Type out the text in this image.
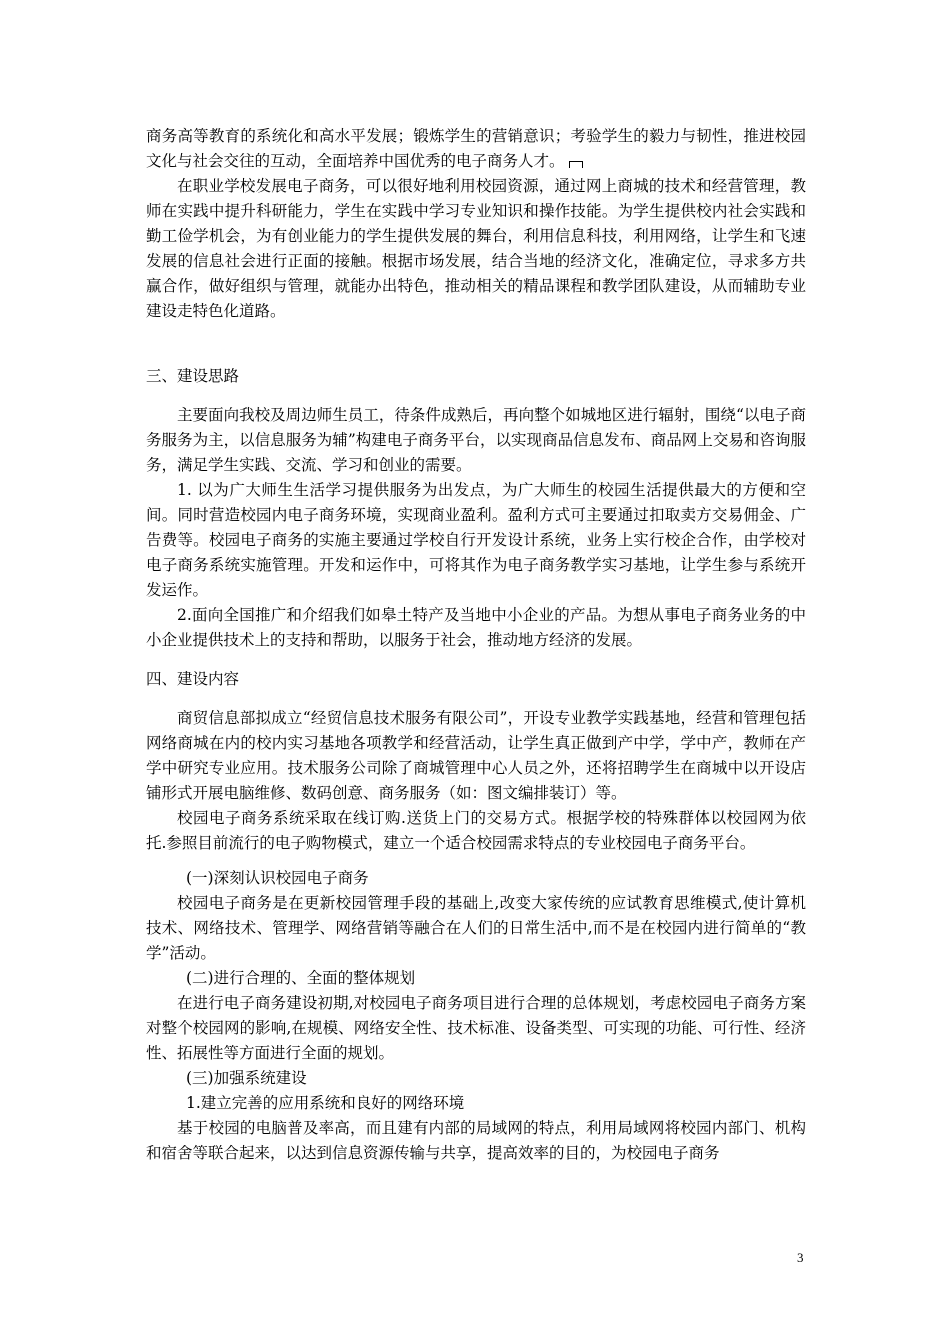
商务高等教育的系统化和高水平发展；锻炼学生的营销意识；考验学生的毅力与韧性，推进校园文化与社会交往的互动，全面培养中国优秀的电子商务人才。

在职业学校发展电子商务，可以很好地利用校园资源，通过网上商城的技术和经营管理，教师在实践中提升科研能力，学生在实践中学习专业知识和操作技能。为学生提供校内社会实践和勤工俭学机会，为有创业能力的学生提供发展的舞台，利用信息科技，利用网络，让学生和飞速发展的信息社会进行正面的接触。根据市场发展，结合当地的经济文化，准确定位，寻求多方共赢合作，做好组织与管理，就能办出特色，推动相关的精品课程和教学团队建设，从而辅助专业建设走特色化道路。

三、建设思路

主要面向我校及周边师生员工，待条件成熟后，再向整个如城地区进行辐射，围绕“以电子商务服务为主，以信息服务为辅”构建电子商务平台，以实现商品信息发布、商品网上交易和咨询服务，满足学生实践、交流、学习和创业的需要。

1. 以为广大师生生活学习提供服务为出发点，为广大师生的校园生活提供最大的方便和空间。同时营造校园内电子商务环境，实现商业盈利。盈利方式可主要通过扣取卖方交易佣金、广告费等。校园电子商务的实施主要通过学校自行开发设计系统，业务上实行校企合作，由学校对电子商务系统实施管理。开发和运作中，可将其作为电子商务教学实习基地，让学生参与系统开发运作。

2.面向全国推广和介绍我们如皋土特产及当地中小企业的产品。为想从事电子商务业务的中小企业提供技术上的支持和帮助，以服务于社会，推动地方经济的发展。

四、建设内容

商贸信息部拟成立“经贸信息技术服务有限公司”，开设专业教学实践基地，经营和管理包括网络商城在内的校内实习基地各项教学和经营活动，让学生真正做到产中学，学中产，教师在产学中研究专业应用。技术服务公司除了商城管理中心人员之外，还将招聘学生在商城中以开设店铺形式开展电脑维修、数码创意、商务服务（如：图文编排装订）等。

校园电子商务系统采取在线订购.送货上门的交易方式。根据学校的特殊群体以校园网为依托.参照目前流行的电子购物模式，建立一个适合校园需求特点的专业校园电子商务平台。

(一)深刻认识校园电子商务

校园电子商务是在更新校园管理手段的基础上,改变大家传统的应试教育思维模式,使计算机技术、网络技术、管理学、网络营销等融合在人们的日常生活中,而不是在校园内进行简单的“教学”活动。

(二)进行合理的、全面的整体规划

在进行电子商务建设初期,对校园电子商务项目进行合理的总体规划，考虑校园电子商务方案对整个校园网的影响,在规模、网络安全性、技术标准、设备类型、可实现的功能、可行性、经济性、拓展性等方面进行全面的规划。

(三)加强系统建设

1.建立完善的应用系统和良好的网络环境

基于校园的电脑普及率高，而且建有内部的局域网的特点，利用局域网将校园内部门、机构和宿舍等联合起来，以达到信息资源传输与共享，提高效率的目的，为校园电子商务

3
